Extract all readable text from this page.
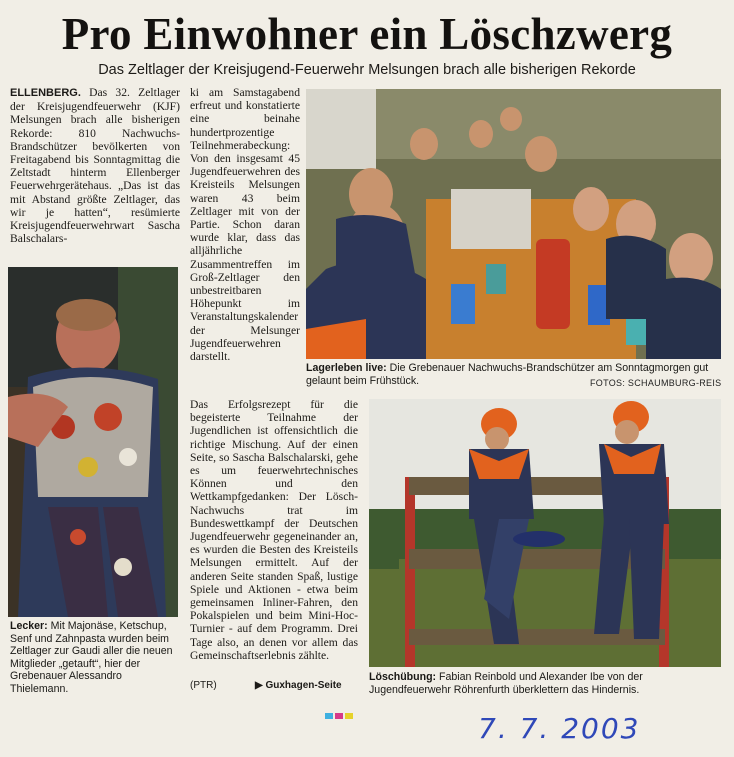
Pro Einwohner ein Löschzwerg
Das Zeltlager der Kreisjugend-Feuerwehr Melsungen brach alle bisherigen Rekorde

ELLENBERG. Das 32. Zeltlager der Kreisjugendfeuerwehr (KJF) Melsungen brach alle bisherigen Rekorde: 810 Nachwuchs-Brandschützer bevölkerten von Freitagabend bis Sonntagmittag die Zeltstadt hinterm Ellenberger Feuerwehrgerätehaus. „Das ist das mit Abstand größte Zeltlager, das wir je hatten“, resümierte Kreisjugendfeuerwehrwart Sascha Balschalars-

ki am Samstagabend erfreut und konstatierte eine beinahe hundertprozentige Teilnehmerabeckung: Von den insgesamt 45 Jugendfeuerwehren des Kreisteils Melsungen waren 43 beim Zeltlager mit von der Partie. Schon daran wurde klar, dass das alljährliche Zusammentreffen im Groß-Zeltlager den unbestreitbaren Höhepunkt im Veranstaltungskalender der Melsunger Jugendfeuerwehren darstellt.

Das Erfolgsrezept für die begeisterte Teilnahme der Jugendlichen ist offensichtlich die richtige Mischung. Auf der einen Seite, so Sascha Balschalarski, gehe es um feuerwehrtechnisches Können und den Wettkampfgedanken: Der Lösch-Nachwuchs trat im Bundeswettkampf der Deutschen Jugendfeuerwehr gegeneinander an, es wurden die Besten des Kreisteils Melsungen ermittelt. Auf der anderen Seite standen Spaß, lustige Spiele und Aktionen - etwa beim gemeinsamen Inliner-Fahren, den Pokalspielen und beim Mini-Hoc-Turnier - auf dem Programm. Drei Tage also, an denen vor allem das Gemeinschaftserlebnis zählte.

Lecker: Mit Majonäse, Ketschup, Senf und Zahnpasta wurden beim Zeltlager zur Gaudi aller die neuen Mitglieder „getauft“, hier der Grebenauer Alessandro Thielemann.
Lagerleben live: Die Grebenauer Nachwuchs-Brandschützer am Sonntagmorgen gut gelaunt beim Frühstück.	FOTOS: SCHAUMBURG-REIS
Löschübung: Fabian Reinbold und Alexander Ibe von der Jugendfeuerwehr Röhrenfurth überklettern das Hindernis.
(PTR)	▶ Guxhagen-Seite
7. 7. 2003
